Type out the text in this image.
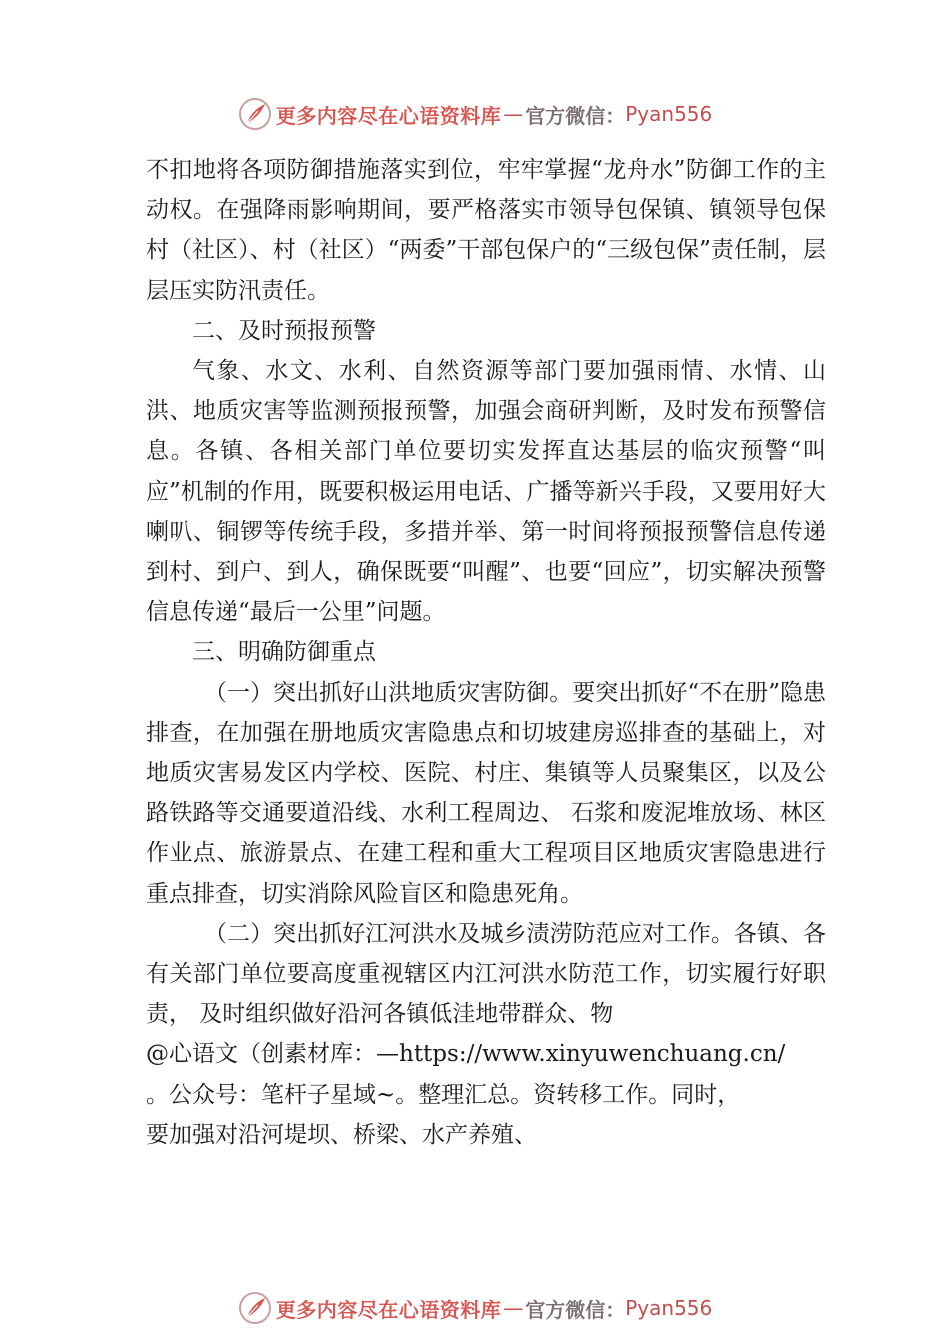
更多内容尽在心语资料库 — 官方微信： Pyan556

不扣地将各项防御措施落实到位，牢牢掌握“龙舟水”防御工作的主动权。在强降雨影响期间，要严格落实市领导包保镇、镇领导包保村（社区）、村（社区）“两委”干部包保户的“三级包保”责任制，层层压实防汛责任。

二、及时预报预警

气象、水文、水利、自然资源等部门要加强雨情、水情、山洪、地质灾害等监测预报预警，加强会商研判断，及时发布预警信息。各镇、各相关部门单位要切实发挥直达基层的临灾预警“叫应”机制的作用，既要积极运用电话、广播等新兴手段，又要用好大喇叭、铜锣等传统手段，多措并举、第一时间将预报预警信息传递到村、到户、到人，确保既要“叫醒”、也要“回应”，切实解决预警信息传递“最后一公里”问题。

三、明确防御重点

（一）突出抓好山洪地质灾害防御。要突出抓好“不在册”隐患排查，在加强在册地质灾害隐患点和切坡建房巡排查的基础上，对地质灾害易发区内学校、医院、村庄、集镇等人员聚集区，以及公路铁路等交通要道沿线、水利工程周边、 石浆和废泥堆放场、林区作业点、旅游景点、在建工程和重大工程项目区地质灾害隐患进行重点排查，切实消除风险盲区和隐患死角。

（二）突出抓好江河洪水及城乡渍涝防范应对工作。各镇、各有关部门单位要高度重视辖区内江河洪水防范工作，切实履行好职责， 及时组织做好沿河各镇低洼地带群众、物

@心语文（创素材库：—https://www.xinyuwenchuang.cn/

。公众号：笔杆子星域~。整理汇总。资转移工作。同时，

要加强对沿河堤坝、桥梁、水产养殖、

更多内容尽在心语资料库 — 官方微信： Pyan556
